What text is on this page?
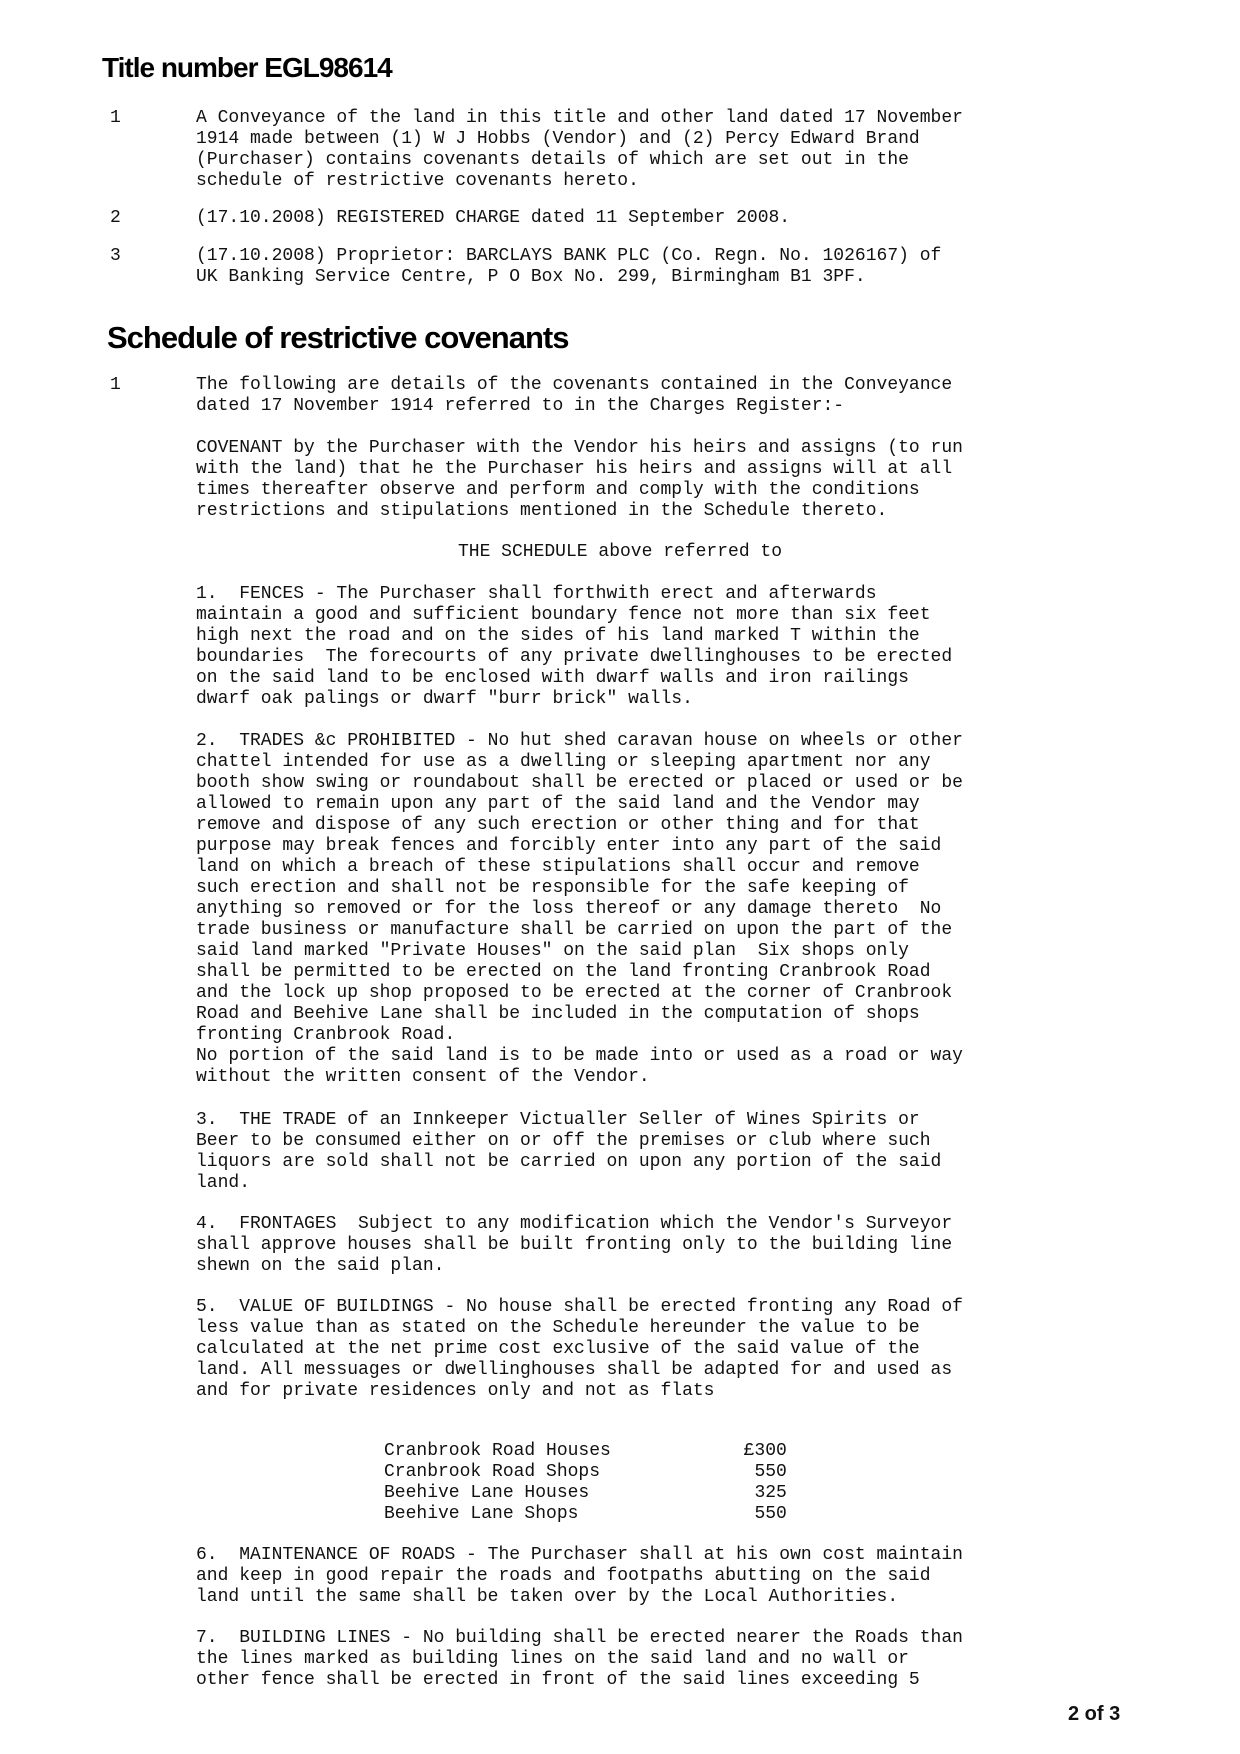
Title number EGL98614
1	A Conveyance of the land in this title and other land dated 17 November
1914 made between (1) W J Hobbs (Vendor) and (2) Percy Edward Brand
(Purchaser) contains covenants details of which are set out in the
schedule of restrictive covenants hereto.

2	(17.10.2008) REGISTERED CHARGE dated 11 September 2008.

3	(17.10.2008) Proprietor: BARCLAYS BANK PLC (Co. Regn. No. 1026167) of
UK Banking Service Centre, P O Box No. 299, Birmingham B1 3PF.

Schedule of restrictive covenants
1	The following are details of the covenants contained in the Conveyance
dated 17 November 1914 referred to in the Charges Register:-

COVENANT by the Purchaser with the Vendor his heirs and assigns (to run
with the land) that he the Purchaser his heirs and assigns will at all
times thereafter observe and perform and comply with the conditions
restrictions and stipulations mentioned in the Schedule thereto.

THE SCHEDULE above referred to

1.  FENCES - The Purchaser shall forthwith erect and afterwards
maintain a good and sufficient boundary fence not more than six feet
high next the road and on the sides of his land marked T within the
boundaries  The forecourts of any private dwellinghouses to be erected
on the said land to be enclosed with dwarf walls and iron railings
dwarf oak palings or dwarf "burr brick" walls.

2.  TRADES &c PROHIBITED - No hut shed caravan house on wheels or other
chattel intended for use as a dwelling or sleeping apartment nor any
booth show swing or roundabout shall be erected or placed or used or be
allowed to remain upon any part of the said land and the Vendor may
remove and dispose of any such erection or other thing and for that
purpose may break fences and forcibly enter into any part of the said
land on which a breach of these stipulations shall occur and remove
such erection and shall not be responsible for the safe keeping of
anything so removed or for the loss thereof or any damage thereto  No
trade business or manufacture shall be carried on upon the part of the
said land marked "Private Houses" on the said plan  Six shops only
shall be permitted to be erected on the land fronting Cranbrook Road
and the lock up shop proposed to be erected at the corner of Cranbrook
Road and Beehive Lane shall be included in the computation of shops
fronting Cranbrook Road.
No portion of the said land is to be made into or used as a road or way
without the written consent of the Vendor.

3.  THE TRADE of an Innkeeper Victualler Seller of Wines Spirits or
Beer to be consumed either on or off the premises or club where such
liquors are sold shall not be carried on upon any portion of the said
land.

4.  FRONTAGES  Subject to any modification which the Vendor's Surveyor
shall approve houses shall be built fronting only to the building line
shewn on the said plan.

5.  VALUE OF BUILDINGS - No house shall be erected fronting any Road of
less value than as stated on the Schedule hereunder the value to be
calculated at the net prime cost exclusive of the said value of the
land. All messuages or dwellinghouses shall be adapted for and used as
and for private residences only and not as flats

Cranbrook Road Houses	£300
Cranbrook Road Shops	550
Beehive Lane Houses	325
Beehive Lane Shops	550

6.  MAINTENANCE OF ROADS - The Purchaser shall at his own cost maintain
and keep in good repair the roads and footpaths abutting on the said
land until the same shall be taken over by the Local Authorities.

7.  BUILDING LINES - No building shall be erected nearer the Roads than
the lines marked as building lines on the said land and no wall or
other fence shall be erected in front of the said lines exceeding 5

2 of 3
